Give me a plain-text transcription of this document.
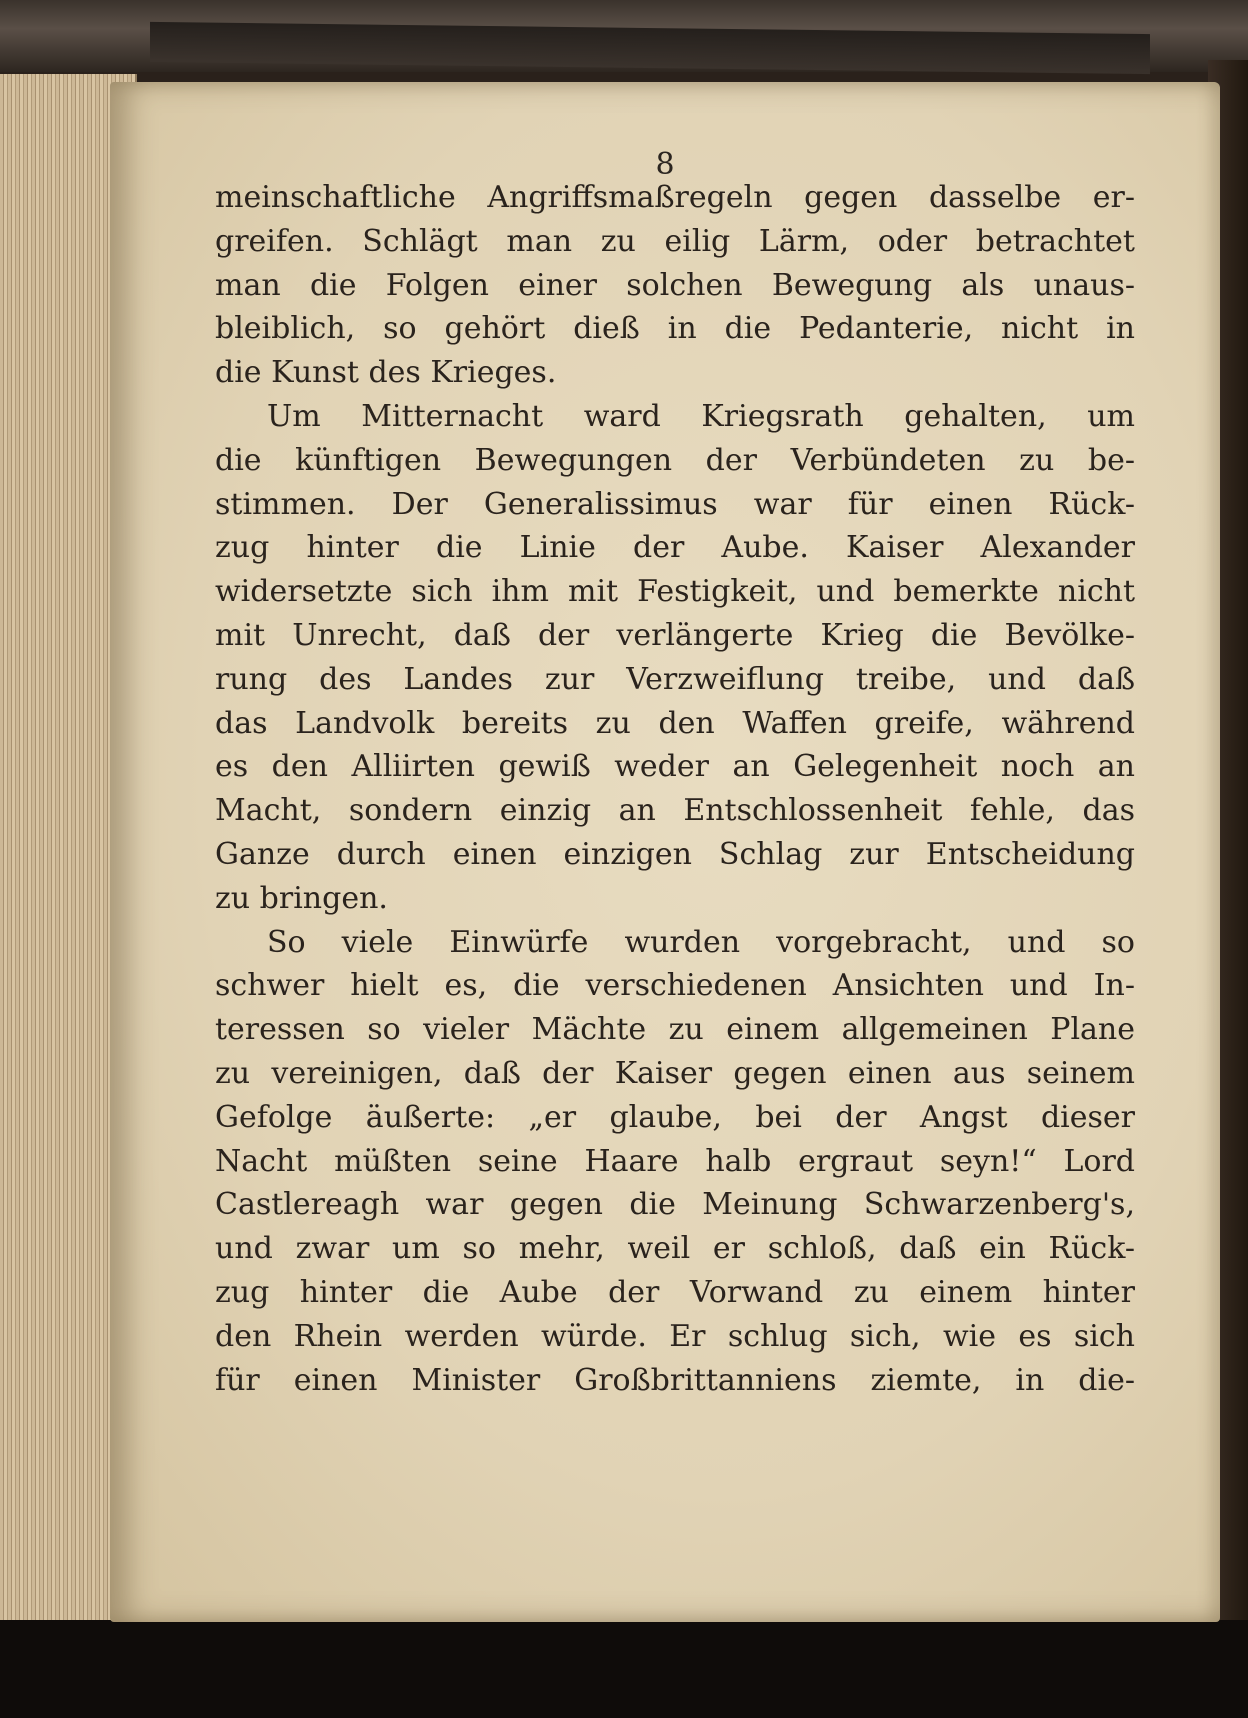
8
meinschaftliche Angriffsmaßregeln gegen dasselbe er-
greifen. Schlägt man zu eilig Lärm, oder betrachtet
man die Folgen einer solchen Bewegung als unaus-
bleiblich, so gehört dieß in die Pedanterie, nicht in
die Kunst des Krieges.
Um Mitternacht ward Kriegsrath gehalten, um
die künftigen Bewegungen der Verbündeten zu be-
stimmen. Der Generalissimus war für einen Rück-
zug hinter die Linie der Aube. Kaiser Alexander
widersetzte sich ihm mit Festigkeit, und bemerkte nicht
mit Unrecht, daß der verlängerte Krieg die Bevölke-
rung des Landes zur Verzweiflung treibe, und daß
das Landvolk bereits zu den Waffen greife, während
es den Alliirten gewiß weder an Gelegenheit noch an
Macht, sondern einzig an Entschlossenheit fehle, das
Ganze durch einen einzigen Schlag zur Entscheidung
zu bringen.
So viele Einwürfe wurden vorgebracht, und so
schwer hielt es, die verschiedenen Ansichten und In-
teressen so vieler Mächte zu einem allgemeinen Plane
zu vereinigen, daß der Kaiser gegen einen aus seinem
Gefolge äußerte: „er glaube, bei der Angst dieser
Nacht müßten seine Haare halb ergraut seyn!“ Lord
Castlereagh war gegen die Meinung Schwarzenberg's,
und zwar um so mehr, weil er schloß, daß ein Rück-
zug hinter die Aube der Vorwand zu einem hinter
den Rhein werden würde. Er schlug sich, wie es sich
für einen Minister Großbrittanniens ziemte, in die-
